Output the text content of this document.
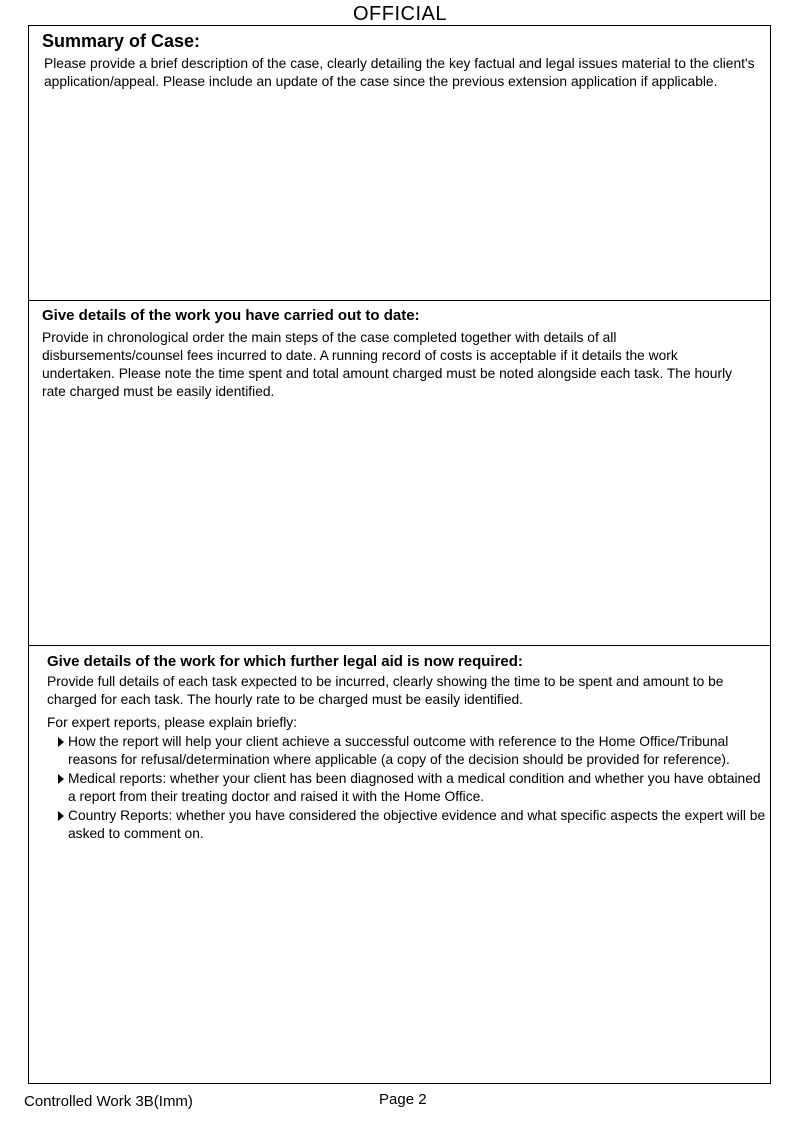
OFFICIAL
Summary of Case:
Please provide a brief description of the case, clearly detailing the key factual and legal issues material to the client's application/appeal. Please include an update of the case since the previous extension application if applicable.
Give details of the work you have carried out to date:
Provide in chronological order the main steps of the case completed together with details of all disbursements/counsel fees incurred to date. A running record of costs is acceptable if it details the work undertaken. Please note the time spent and total amount charged must be noted alongside each task. The hourly rate charged must be easily identified.
Give details of the work for which further legal aid is now required:
Provide full details of each task expected to be incurred, clearly showing the time to be spent and amount to be charged for each task. The hourly rate to be charged must be easily identified.
For expert reports, please explain briefly:
How the report will help your client achieve a successful outcome with reference to the Home Office/Tribunal reasons for refusal/determination where applicable (a copy of the decision should be provided for reference).
Medical reports: whether your client has been diagnosed with a medical condition and whether you have obtained a report from their treating doctor and raised it with the Home Office.
Country Reports: whether you have considered the objective evidence and what specific aspects the expert will be asked to comment on.
Controlled Work 3B(Imm)	Page 2
